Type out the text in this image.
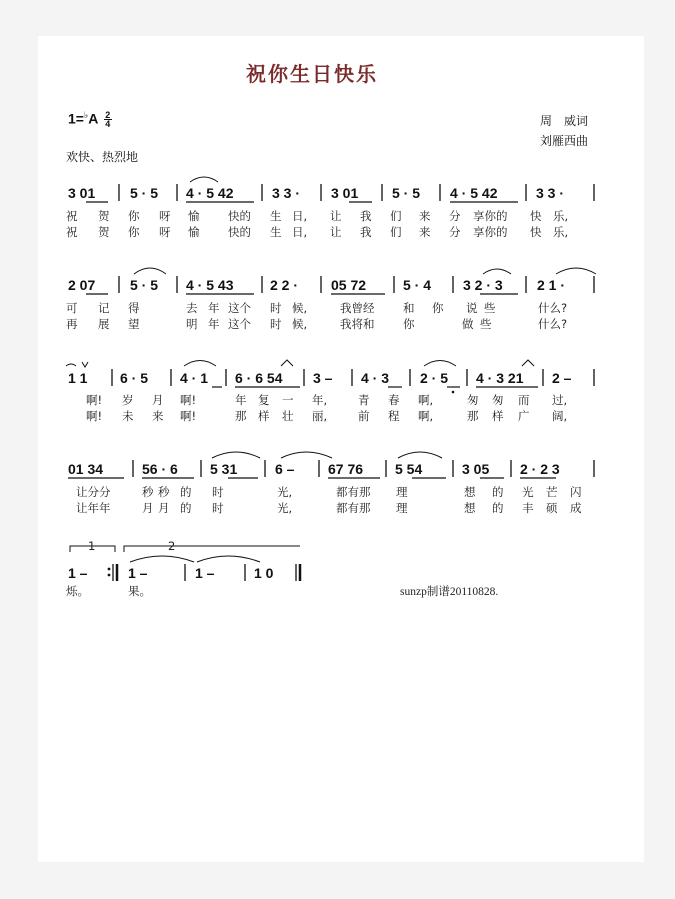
祝你生日快乐
$1=^♭A \frac{2}{4}$	周　威词
刘雁西曲
欢快、热烈地
3 01 5 · 5 4 · 5 42	3 3 · 3 01 5 · 5 4 · 5 42	3 3 ·
祝 贺 你 呀 愉 快的 生 日, 让 我 们 来 分 享你的 快 乐,
祝 贺 你 呀 愉 快的 生 日, 让 我 们 来 分 享你的 快 乐,
2 07 5 · 5 4 · 5 43	2 2 · 05 72	5 · 4 3 2 · 3 2 1 ·
可 记 得	去 年 这个 时 候,	我曾经 和 你 说 些	什么?
再 展 望	明 年 这个 时 候,	我将和 你	做 些	什么?
1 1 6 · 5 4 · 1 6 · 6 54 3 – 4 · 3 2 · 5 4 · 3 21 2 –
啊! 岁 月 啊!	年 复 一 年,	青 春 啊,	匆 匆 而 过,
啊! 未 来 啊!	那 样 壮 丽,	前 程 啊,	那 样 广 阔,
01 34	56 · 6 5 31	6 – 67 76 5 54	3 05 2 · 2 3
让分分	秒 秒 的 时	光,	都有那 理	想 的 光 芒 闪
让年年	月 月 的 时	光,	都有那 理	想 的 丰 硕 成
1	2
1 –	1 –	1 –	1 0
烁。	果。	sunzp制谱20110828.
